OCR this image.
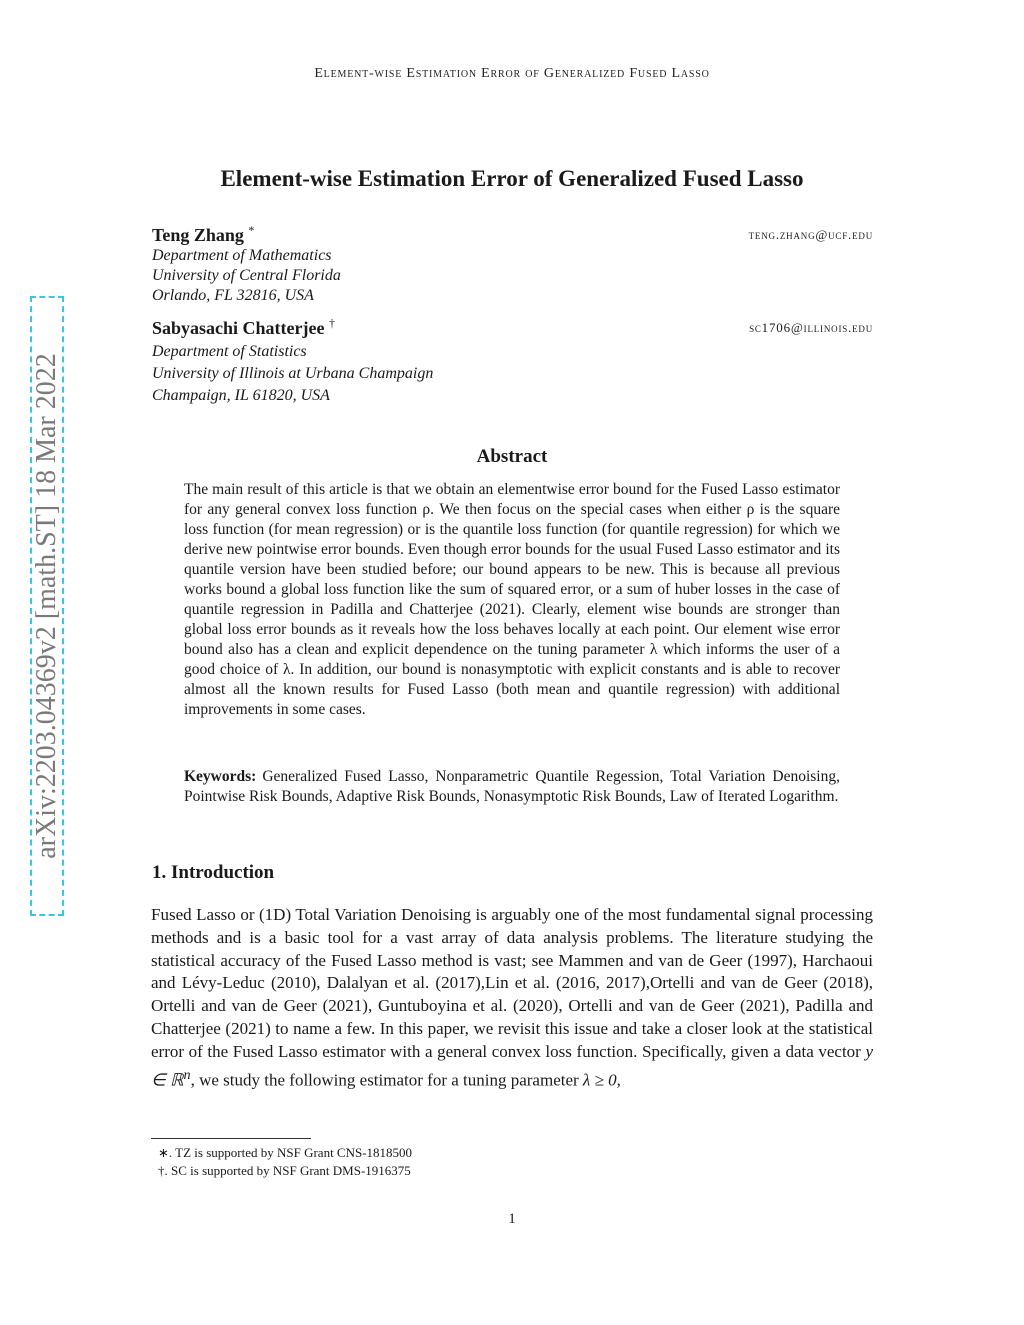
Element-wise Estimation Error of Generalized Fused Lasso
arXiv:2203.04369v2 [math.ST] 18 Mar 2022
Element-wise Estimation Error of Generalized Fused Lasso
Teng Zhang *	teng.zhang@ucf.edu
Department of Mathematics
University of Central Florida
Orlando, FL 32816, USA
Sabyasachi Chatterjee †	sc1706@illinois.edu
Department of Statistics
University of Illinois at Urbana Champaign
Champaign, IL 61820, USA
Abstract
The main result of this article is that we obtain an elementwise error bound for the Fused Lasso estimator for any general convex loss function ρ. We then focus on the special cases when either ρ is the square loss function (for mean regression) or is the quantile loss function (for quantile regression) for which we derive new pointwise error bounds. Even though error bounds for the usual Fused Lasso estimator and its quantile version have been studied before; our bound appears to be new. This is because all previous works bound a global loss function like the sum of squared error, or a sum of huber losses in the case of quantile regression in Padilla and Chatterjee (2021). Clearly, element wise bounds are stronger than global loss error bounds as it reveals how the loss behaves locally at each point. Our element wise error bound also has a clean and explicit dependence on the tuning parameter λ which informs the user of a good choice of λ. In addition, our bound is nonasymptotic with explicit constants and is able to recover almost all the known results for Fused Lasso (both mean and quantile regression) with additional improvements in some cases.
Keywords: Generalized Fused Lasso, Nonparametric Quantile Regession, Total Variation Denoising, Pointwise Risk Bounds, Adaptive Risk Bounds, Nonasymptotic Risk Bounds, Law of Iterated Logarithm.
1. Introduction
Fused Lasso or (1D) Total Variation Denoising is arguably one of the most fundamental signal processing methods and is a basic tool for a vast array of data analysis problems. The literature studying the statistical accuracy of the Fused Lasso method is vast; see Mammen and van de Geer (1997), Harchaoui and Lévy-Leduc (2010), Dalalyan et al. (2017),Lin et al. (2016, 2017),Ortelli and van de Geer (2018), Ortelli and van de Geer (2021), Guntuboyina et al. (2020), Ortelli and van de Geer (2021), Padilla and Chatterjee (2021) to name a few. In this paper, we revisit this issue and take a closer look at the statistical error of the Fused Lasso estimator with a general convex loss function. Specifically, given a data vector y ∈ ℝ$^n$, we study the following estimator for a tuning parameter λ ≥ 0,
∗. TZ is supported by NSF Grant CNS-1818500
†. SC is supported by NSF Grant DMS-1916375
1
